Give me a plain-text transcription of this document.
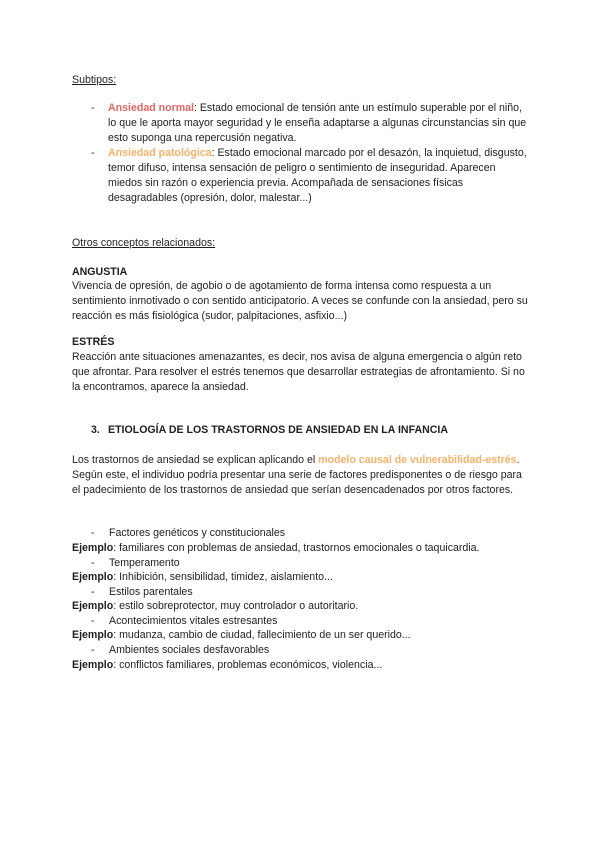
Subtipos:
- Ansiedad normal: Estado emocional de tensión ante un estímulo superable por el niño, lo que le aporta mayor seguridad y le enseña adaptarse a algunas circunstancias sin que esto suponga una repercusión negativa.
- Ansiedad patológica: Estado emocional marcado por el desazón, la inquietud, disgusto, temor difuso, intensa sensación de peligro o sentimiento de inseguridad. Aparecen miedos sin razón o experiencia previa. Acompañada de sensaciones físicas desagradables (opresión, dolor, malestar...)
Otros conceptos relacionados:
ANGUSTIA
Vivencia de opresión, de agobio o de agotamiento de forma intensa como respuesta a un sentimiento inmotivado o con sentido anticipatorio. A veces se confunde con la ansiedad, pero su reacción es más fisiológica (sudor, palpitaciones, asfixio...)
ESTRÉS
Reacción ante situaciones amenazantes, es decir, nos avisa de alguna emergencia o algún reto que afrontar. Para resolver el estrés tenemos que desarrollar estrategias de afrontamiento. Si no la encontramos, aparece la ansiedad.
3. ETIOLOGÍA DE LOS TRASTORNOS DE ANSIEDAD EN LA INFANCIA
Los trastornos de ansiedad se explican aplicando el modelo causal de vulnerabilidad-estrés. Según este, el individuo podría presentar una serie de factores predisponentes o de riesgo para el padecimiento de los trastornos de ansiedad que serían desencadenados por otros factores.
- Factores genéticos y constitucionales
Ejemplo: familiares con problemas de ansiedad, trastornos emocionales o taquicardia.
- Temperamento
Ejemplo: Inhibición, sensibilidad, timidez, aislamiento...
- Estilos parentales
Ejemplo: estilo sobreprotector, muy controlador o autoritario.
- Acontecimientos vitales estresantes
Ejemplo: mudanza, cambio de ciudad, fallecimiento de un ser querido...
- Ambientes sociales desfavorables
Ejemplo: conflictos familiares, problemas económicos, violencia...
